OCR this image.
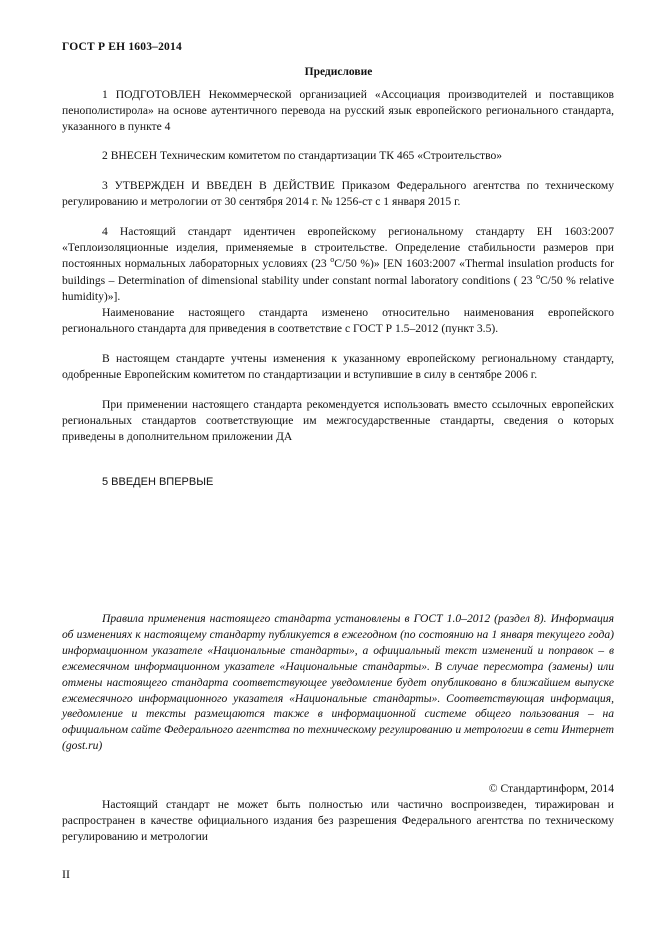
ГОСТ Р ЕН 1603–2014
Предисловие
1 ПОДГОТОВЛЕН Некоммерческой организацией «Ассоциация производителей и поставщиков пенополистирола» на основе аутентичного перевода на русский язык европейского регионального стандарта, указанного в пункте 4
2 ВНЕСЕН Техническим комитетом по стандартизации ТК 465 «Строительство»
3 УТВЕРЖДЕН И ВВЕДЕН В ДЕЙСТВИЕ Приказом Федерального агентства по техническому регулированию и метрологии от 30 сентября 2014 г. № 1256-ст с 1 января 2015 г.
4 Настоящий стандарт идентичен европейскому региональному стандарту ЕН 1603:2007 «Теплоизоляционные изделия, применяемые в строительстве. Определение стабильности размеров при постоянных нормальных лабораторных условиях (23 $^o$C/50 %)» [EN 1603:2007 «Thermal insulation products for buildings – Determination of dimensional stability under constant normal laboratory conditions ( 23 $^o$C/50 % relative humidity)»].
Наименование настоящего стандарта изменено относительно наименования европейского регионального стандарта для приведения в соответствие с ГОСТ Р 1.5–2012 (пункт 3.5).
В настоящем стандарте учтены изменения к указанному европейскому региональному стандарту, одобренные Европейским комитетом по стандартизации и вступившие в силу в сентябре 2006 г.
При применении настоящего стандарта рекомендуется использовать вместо ссылочных европейских региональных стандартов соответствующие им межгосударственные стандарты, сведения о которых приведены в дополнительном приложении ДА
5 ВВЕДЕН ВПЕРВЫЕ
Правила применения настоящего стандарта установлены в ГОСТ 1.0–2012 (раздел 8). Информация об изменениях к настоящему стандарту публикуется в ежегодном (по состоянию на 1 января текущего года) информационном указателе «Национальные стандарты», а официальный текст изменений и поправок – в ежемесячном информационном указателе «Национальные стандарты». В случае пересмотра (замены) или отмены настоящего стандарта соответствующее уведомление будет опубликовано в ближайшем выпуске ежемесячного информационного указателя «Национальные стандарты». Соответствующая информация, уведомление и тексты размещаются также в информационной системе общего пользования – на официальном сайте Федерального агентства по техническому регулированию и метрологии в сети Интернет (gost.ru)
© Стандартинформ, 2014
Настоящий стандарт не может быть полностью или частично воспроизведен, тиражирован и распространен в качестве официального издания без разрешения Федерального агентства по техническому регулированию и метрологии
II
